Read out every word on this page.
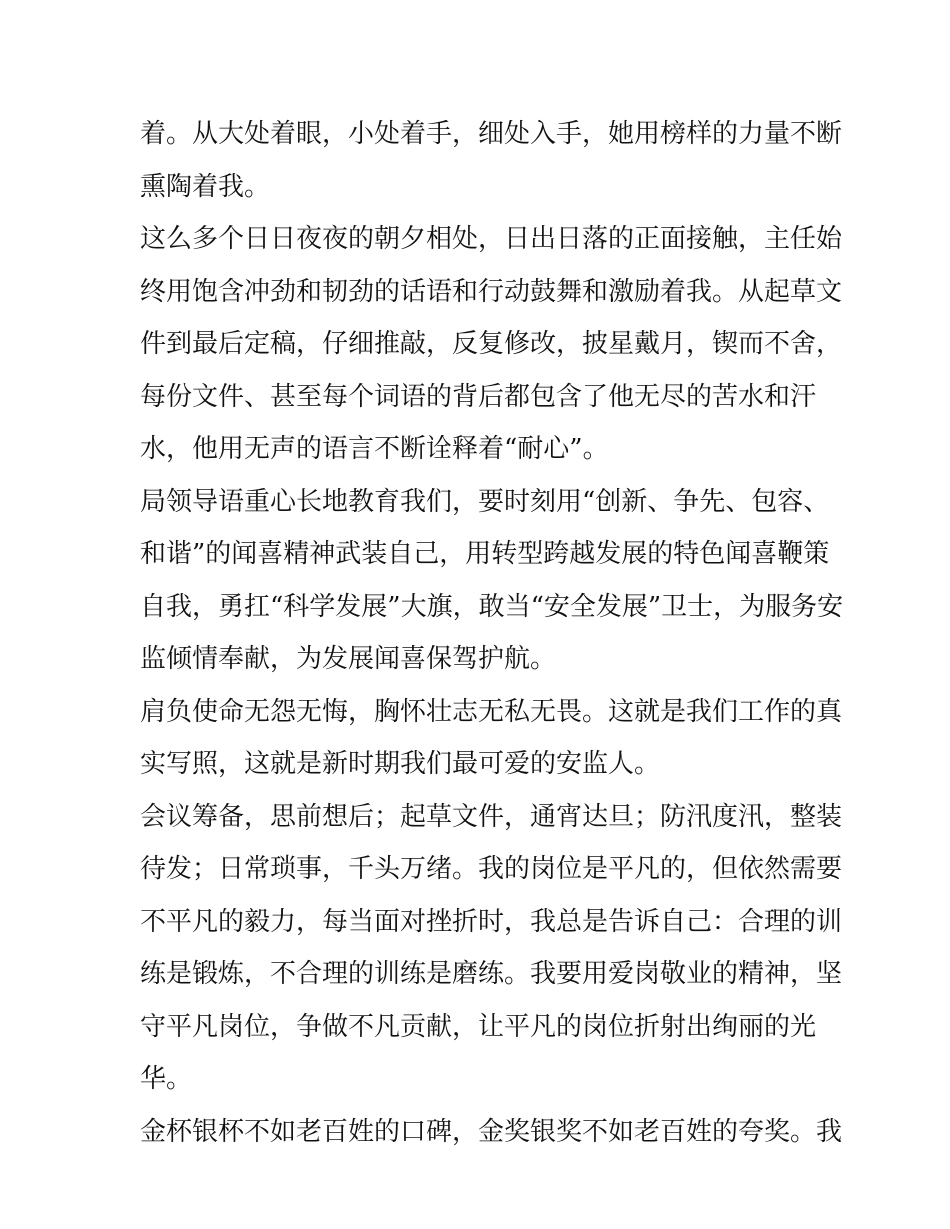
着。从大处着眼，小处着手，细处入手，她用榜样的力量不断
熏陶着我。
这么多个日日夜夜的朝夕相处，日出日落的正面接触，主任始
终用饱含冲劲和韧劲的话语和行动鼓舞和激励着我。从起草文
件到最后定稿，仔细推敲，反复修改，披星戴月，锲而不舍，
每份文件、甚至每个词语的背后都包含了他无尽的苦水和汗
水，他用无声的语言不断诠释着“耐心”。
局领导语重心长地教育我们，要时刻用“创新、争先、包容、
和谐”的闻喜精神武装自己，用转型跨越发展的特色闻喜鞭策
自我，勇扛“科学发展”大旗，敢当“安全发展”卫士，为服务安
监倾情奉献，为发展闻喜保驾护航。
肩负使命无怨无悔，胸怀壮志无私无畏。这就是我们工作的真
实写照，这就是新时期我们最可爱的安监人。
会议筹备，思前想后；起草文件，通宵达旦；防汛度汛，整装
待发；日常琐事，千头万绪。我的岗位是平凡的，但依然需要
不平凡的毅力，每当面对挫折时，我总是告诉自己：合理的训
练是锻炼，不合理的训练是磨练。我要用爱岗敬业的精神，坚
守平凡岗位，争做不凡贡献，让平凡的岗位折射出绚丽的光
华。
金杯银杯不如老百姓的口碑，金奖银奖不如老百姓的夸奖。我
